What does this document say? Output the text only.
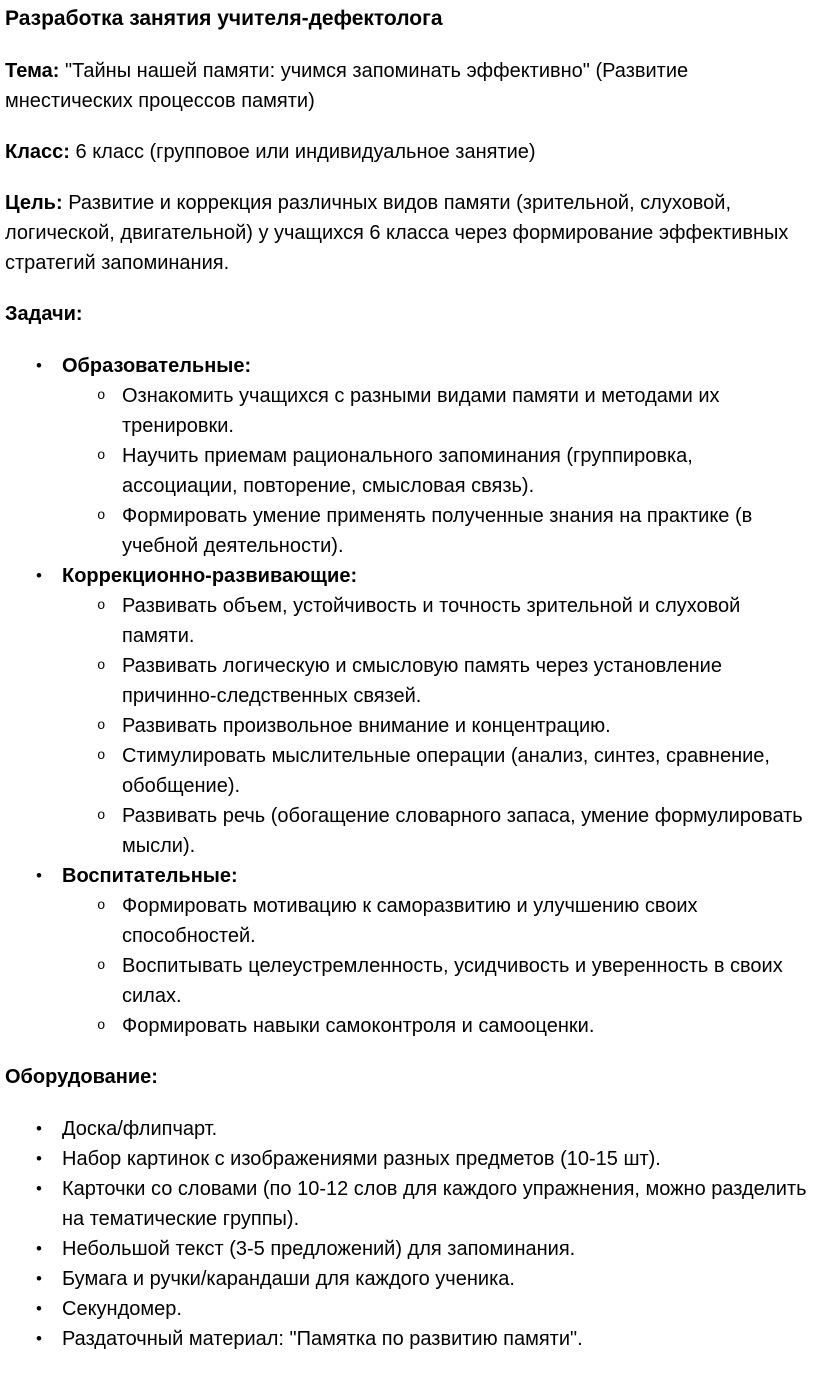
Разработка занятия учителя-дефектолога

Тема: "Тайны нашей памяти: учимся запоминать эффективно" (Развитие мнестических процессов памяти)

Класс: 6 класс (групповое или индивидуальное занятие)

Цель: Развитие и коррекция различных видов памяти (зрительной, слуховой, логической, двигательной) у учащихся 6 класса через формирование эффективных стратегий запоминания.

Задачи:
•	Образовательные:
o Ознакомить учащихся с разными видами памяти и методами их тренировки.
o Научить приемам рационального запоминания (группировка, ассоциации, повторение, смысловая связь).
o Формировать умение применять полученные знания на практике (в учебной деятельности).
•	Коррекционно-развивающие:
o Развивать объем, устойчивость и точность зрительной и слуховой памяти.
o Развивать логическую и смысловую память через установление причинно-следственных связей.
o Развивать произвольное внимание и концентрацию.
o Стимулировать мыслительные операции (анализ, синтез, сравнение, обобщение).
o Развивать речь (обогащение словарного запаса, умение формулировать мысли).
•	Воспитательные:
o Формировать мотивацию к саморазвитию и улучшению своих способностей.
o Воспитывать целеустремленность, усидчивость и уверенность в своих силах.
o Формировать навыки самоконтроля и самооценки.
Оборудование:
•	Доска/флипчарт.
•	Набор картинок с изображениями разных предметов (10-15 шт).
•	Карточки со словами (по 10-12 слов для каждого упражнения, можно разделить на тематические группы).
•	Небольшой текст (3-5 предложений) для запоминания.
•	Бумага и ручки/карандаши для каждого ученика.
•	Секундомер.
•	Раздаточный материал: "Памятка по развитию памяти".
